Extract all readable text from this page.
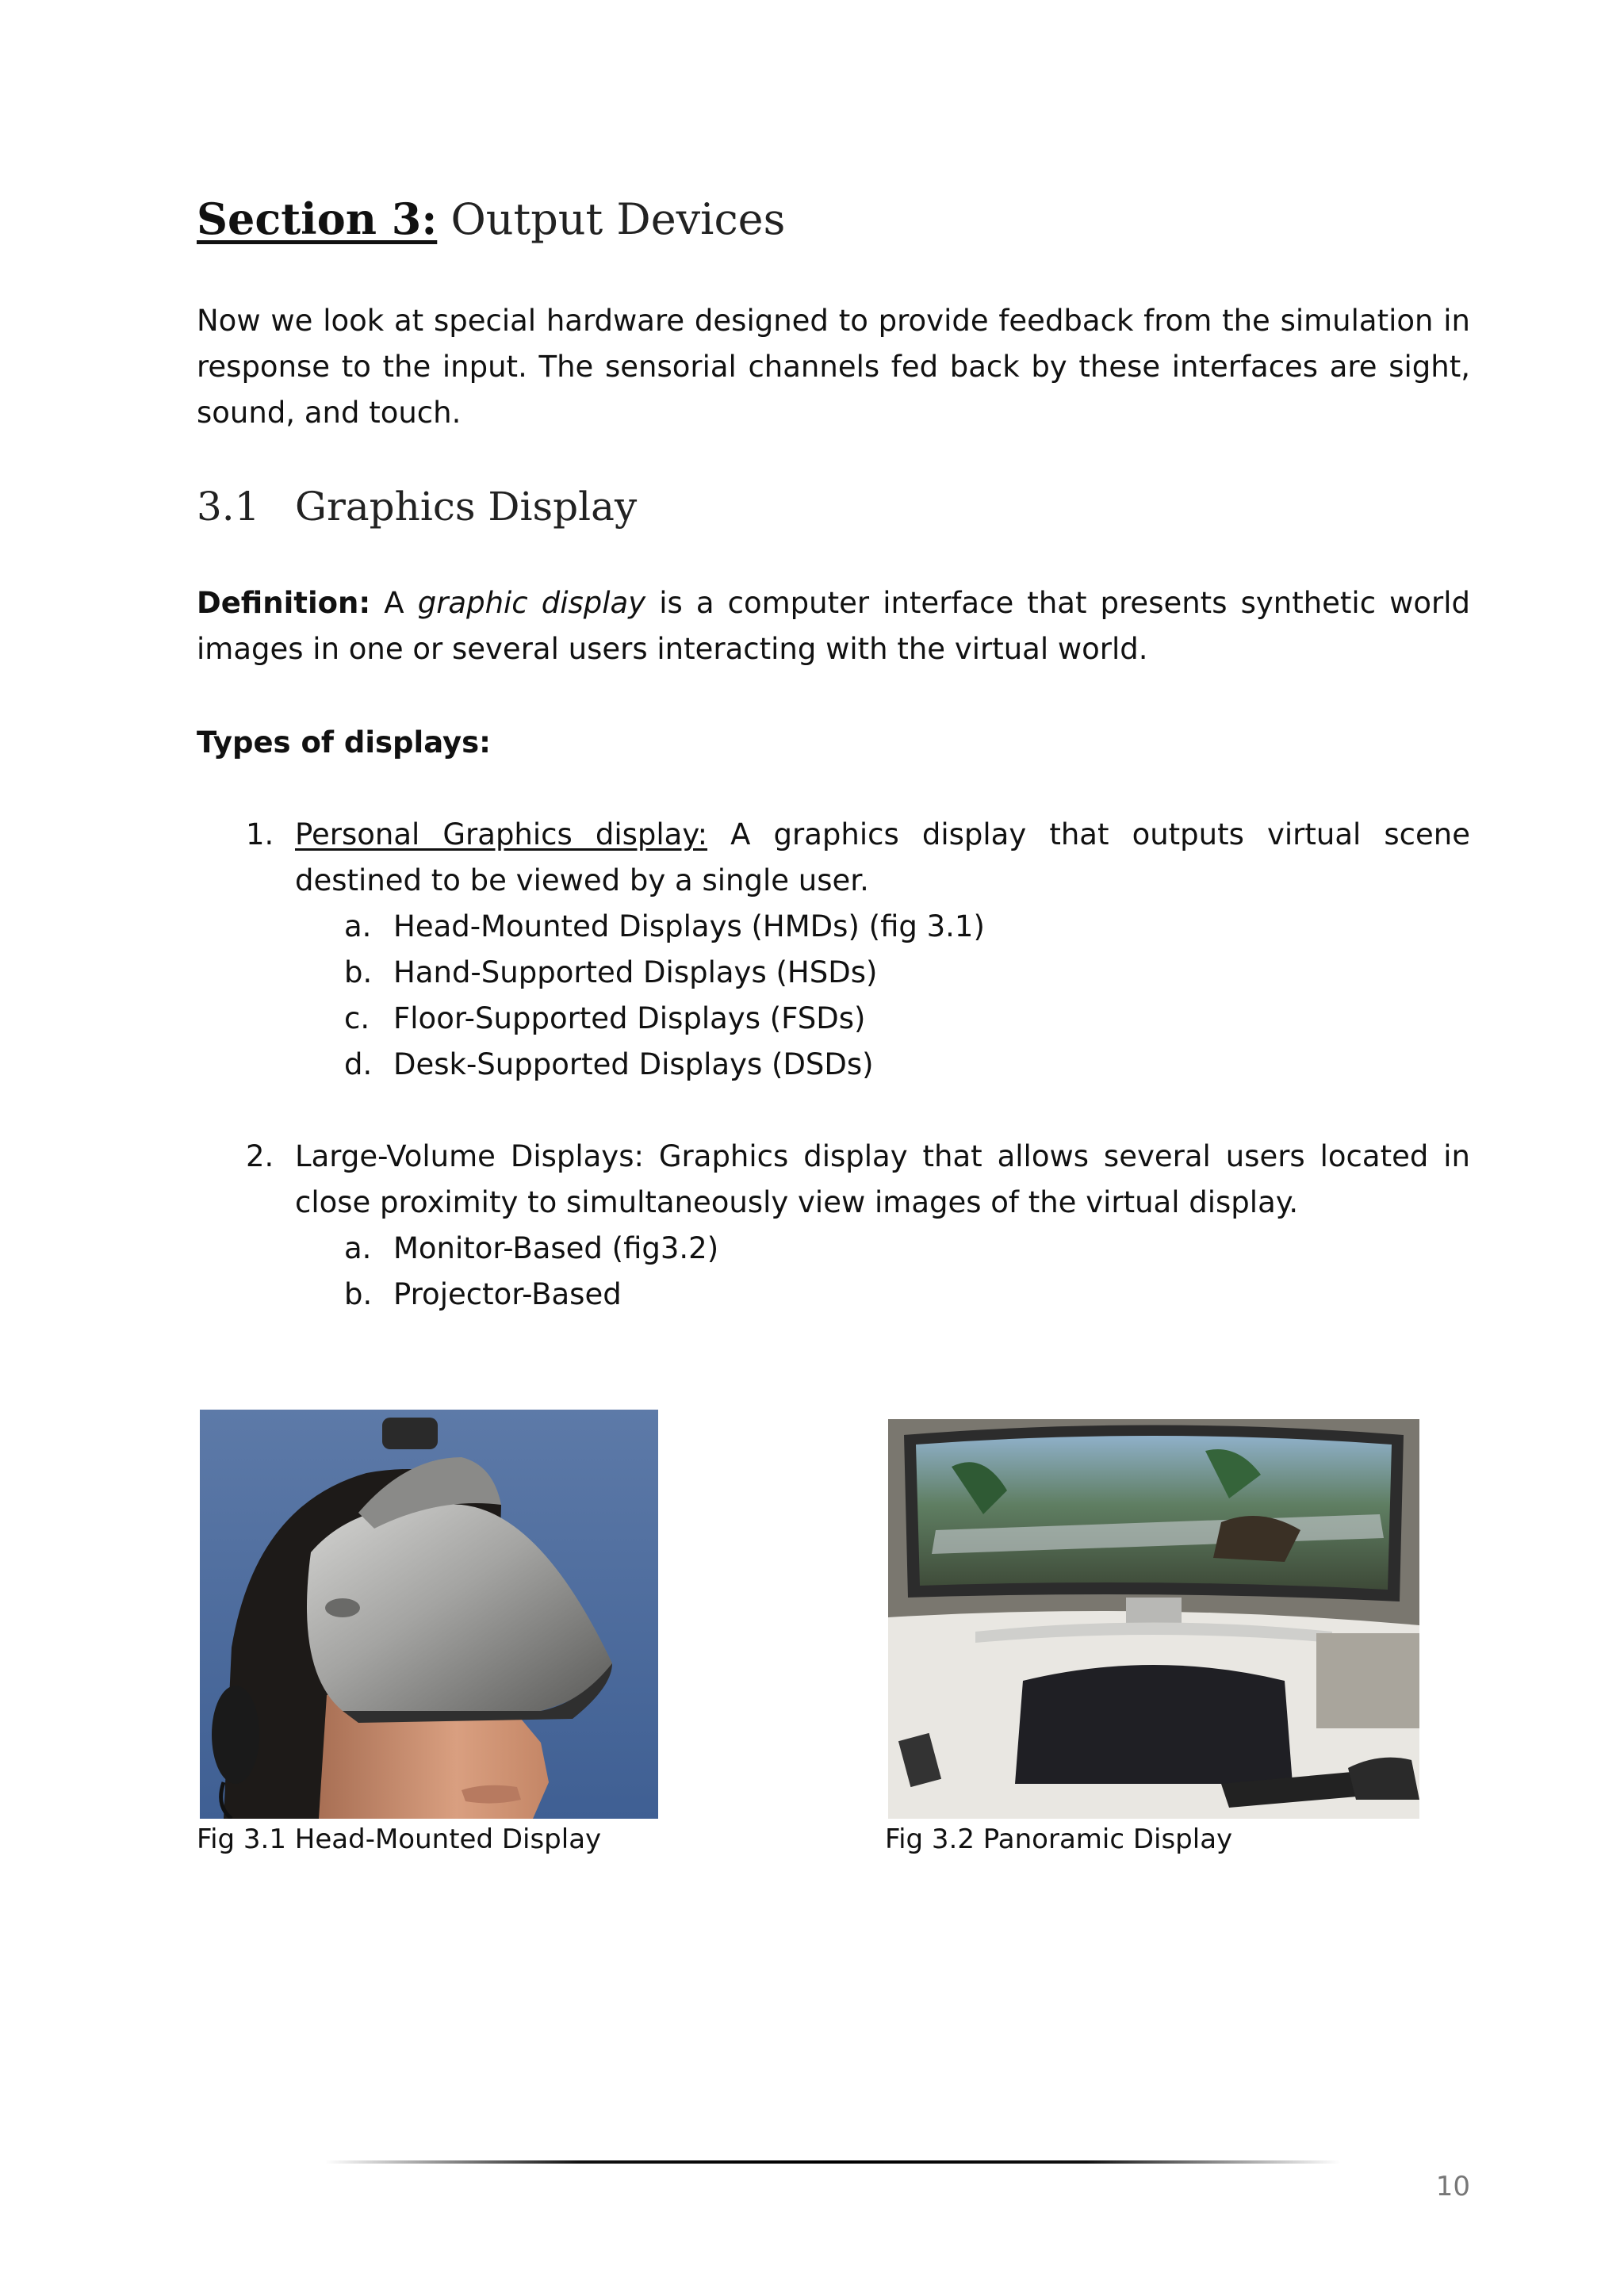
Section 3: Output Devices

Now we look at special hardware designed to provide feedback from the simulation in response to the input. The sensorial channels fed back by these interfaces are sight, sound, and touch.

3.1 Graphics Display

Definition: A graphic display is a computer interface that presents synthetic world images in one or several users interacting with the virtual world.

Types of displays:

1. Personal Graphics display: A graphics display that outputs virtual scene destined to be viewed by a single user.
a. Head-Mounted Displays (HMDs) (fig 3.1)
b. Hand-Supported Displays (HSDs)
c. Floor-Supported Displays (FSDs)
d. Desk-Supported Displays (DSDs)
2. Large-Volume Displays: Graphics display that allows several users located in close proximity to simultaneously view images of the virtual display.
a. Monitor-Based (fig3.2)
b. Projector-Based
Fig 3.1 Head-Mounted Display	Fig 3.2 Panoramic Display
10
